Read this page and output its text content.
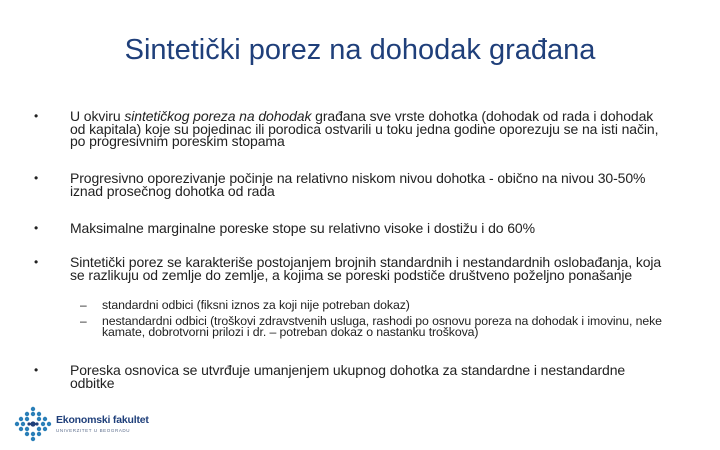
Sintetički porez na dohodak građana
• U okviru sintetičkog poreza na dohodak građana sve vrste dohotka (dohodak od rada i dohodak od kapitala) koje su pojedinac ili porodica ostvarili u toku jedna godine oporezuju se na isti način, po progresivnim poreskim stopama
• Progresivno oporezivanje počinje na relativno niskom nivou dohotka - obično na nivou 30-50% iznad prosečnog dohotka od rada
• Maksimalne marginalne poreske stope su relativno visoke i dostižu i do 60%
• Sintetički porez se karakteriše postojanjem brojnih standardnih i nestandardnih oslobađanja, koja se razlikuju od zemlje do zemlje, a kojima se poreski podstiče društveno poželjno ponašanje
– standardni odbici (fiksni iznos za koji nije potreban dokaz)
– nestandardni odbici (troškovi zdravstvenih usluga, rashodi po osnovu poreza na dohodak i imovinu, neke kamate, dobrotvorni prilozi i dr. – potreban dokaz o nastanku troškova)
• Poreska osnovica se utvrđuje umanjenjem ukupnog dohotka za standardne i nestandardne odbitke
Ekonomski fakultet
UNIVERZITET U BEOGRADU
